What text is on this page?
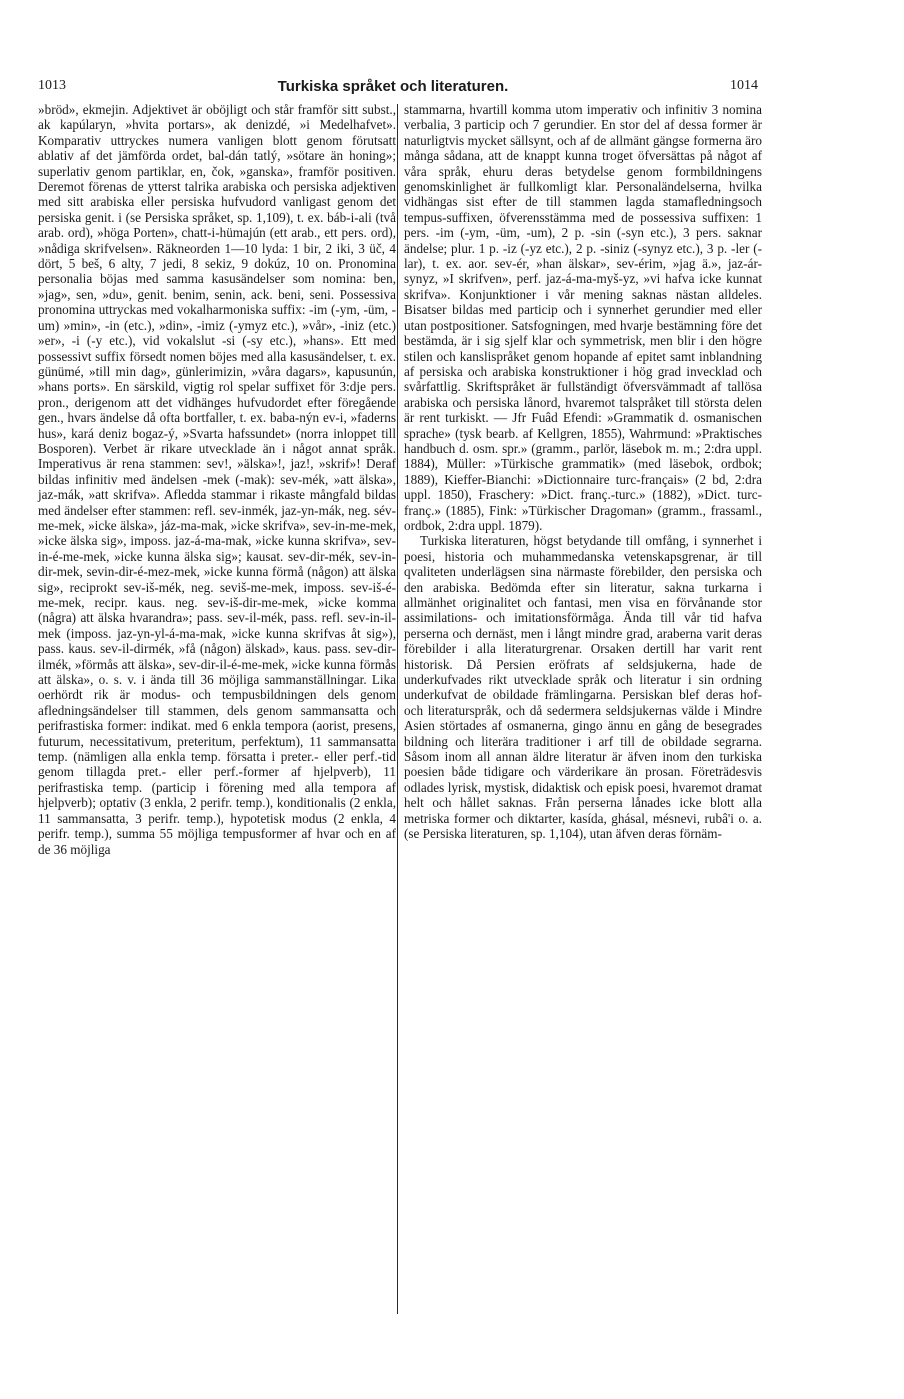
1013	Turkiska språket och literaturen.	1014

»bröd», ekmejin. Adjektivet är oböjligt och står framför sitt subst., ak kapúlaryn, »hvita portars», ak denizdé, »i Medelhafvet». Komparativ uttryckes numera vanligen blott genom förutsatt ablativ af det jämförda ordet, bal-dán tatlý, »sötare än honing»; superlativ genom partiklar, en, čok, »ganska», framför positiven. Deremot förenas de ytterst talrika arabiska och persiska adjektiven med sitt arabiska eller persiska hufvudord vanligast genom det persiska genit. i (se Persiska språket, sp. 1,109), t. ex. báb-i-ali (två arab. ord), »höga Porten», chatt-i-hümajún (ett arab., ett pers. ord), »nådiga skrifvelsen». Räkneorden 1—10 lyda: 1 bir, 2 iki, 3 üč, 4 dört, 5 beš, 6 alty, 7 jedi, 8 sekiz, 9 dokúz, 10 on. Pronomina personalia böjas med samma kasusändelser som nomina: ben, »jag», sen, »du», genit. benim, senin, ack. beni, seni. Possessiva pronomina uttryckas med vokalharmoniska suffix: -im (-ym, -üm, -um) »min», -in (etc.), »din», -imiz (-ymyz etc.), »vår», -iniz (etc.) »er», -i (-y etc.), vid vokalslut -si (-sy etc.), »hans». Ett med possessivt suffix försedt nomen böjes med alla kasusändelser, t. ex. günümé, »till min dag», günlerimizin, »våra dagars», kapusunún, »hans ports». En särskild, vigtig rol spelar suffixet för 3:dje pers. pron., derigenom att det vidhänges hufvudordet efter föregående gen., hvars ändelse då ofta bortfaller, t. ex. baba-nýn ev-i, »faderns hus», kará deniz bogaz-ý, »Svarta hafssundet» (norra inloppet till Bosporen). Verbet är rikare utvecklade än i något annat språk. Imperativus är rena stammen: sev!, »älska»!, jaz!, »skrif»! Deraf bildas infinitiv med ändelsen -mek (-mak): sev-mék, »att älska», jaz-mák, »att skrifva». Afledda stammar i rikaste mångfald bildas med ändelser efter stammen: refl. sev-inmék, jaz-yn-mák, neg. sév-me-mek, »icke älska», jáz-ma-mak, »icke skrifva», sev-in-me-mek, »icke älska sig», imposs. jaz-á-ma-mak, »icke kunna skrifva», sev-in-é-me-mek, »icke kunna älska sig»; kausat. sev-dir-mék, sev-in-dir-mek, sevin-dir-é-mez-mek, »icke kunna förmå (någon) att älska sig», reciprokt sev-iš-mék, neg. seviš-me-mek, imposs. sev-iš-é-me-mek, recipr. kaus. neg. sev-iš-dir-me-mek, »icke komma (några) att älska hvarandra»; pass. sev-il-mék, pass. refl. sev-in-il-mek (imposs. jaz-yn-yl-á-ma-mak, »icke kunna skrifvas åt sig»), pass. kaus. sev-il-dirmék, »få (någon) älskad», kaus. pass. sev-dir-ilmék, »förmås att älska», sev-dir-il-é-me-mek, »icke kunna förmås att älska», o. s. v. i ända till 36 möjliga sammanställningar. Lika oerhördt rik är modus- och tempusbildningen dels genom afledningsändelser till stammen, dels genom sammansatta och perifrastiska former: indikat. med 6 enkla tempora (aorist, presens, futurum, necessitativum, preteritum, perfektum), 11 sammansatta temp. (nämligen alla enkla temp. försatta i preter.- eller perf.-tid genom tillagda pret.- eller perf.-former af hjelpverb), 11 perifrastiska temp. (particip i förening med alla tempora af hjelpverb); optativ (3 enkla, 2 perifr. temp.), konditionalis (2 enkla, 11 sammansatta, 3 perifr. temp.), hypotetisk modus (2 enkla, 4 perifr. temp.), summa 55 möjliga tempusformer af hvar och en af de 36 möjliga

stammarna, hvartill komma utom imperativ och infinitiv 3 nomina verbalia, 3 particip och 7 gerundier. En stor del af dessa former är naturligtvis mycket sällsynt, och af de allmänt gängse formerna äro många sådana, att de knappt kunna troget öfversättas på något af våra språk, ehuru deras betydelse genom formbildningens genomskinlighet är fullkomligt klar. Personaländelserna, hvilka vidhängas sist efter de till stammen lagda stamafledningsoch tempus-suffixen, öfverensstämma med de possessiva suffixen: 1 pers. -im (-ym, -üm, -um), 2 p. -sin (-syn etc.), 3 pers. saknar ändelse; plur. 1 p. -iz (-yz etc.), 2 p. -siniz (-synyz etc.), 3 p. -ler (-lar), t. ex. aor. sev-ér, »han älskar», sev-érim, »jag ä.», jaz-ár-synyz, »I skrifven», perf. jaz-á-ma-myš-yz, »vi hafva icke kunnat skrifva». Konjunktioner i vår mening saknas nästan alldeles. Bisatser bildas med particip och i synnerhet gerundier med eller utan postpositioner. Satsfogningen, med hvarje bestämning före det bestämda, är i sig sjelf klar och symmetrisk, men blir i den högre stilen och kanslispråket genom hopande af epitet samt inblandning af persiska och arabiska konstruktioner i hög grad invecklad och svårfattlig. Skriftspråket är fullständigt öfversvämmadt af tallösa arabiska och persiska lånord, hvaremot talspråket till största delen är rent turkiskt. — Jfr Fuâd Efendi: »Grammatik d. osmanischen sprache» (tysk bearb. af Kellgren, 1855), Wahrmund: »Praktisches handbuch d. osm. spr.» (gramm., parlör, läsebok m. m.; 2:dra uppl. 1884), Müller: »Türkische grammatik» (med läsebok, ordbok; 1889), Kieffer-Bianchi: »Dictionnaire turc-français» (2 bd, 2:dra uppl. 1850), Fraschery: »Dict. franç.-turc.» (1882), »Dict. turc-franç.» (1885), Fink: »Türkischer Dragoman» (gramm., frassaml., ordbok, 2:dra uppl. 1879).

Turkiska literaturen, högst betydande till omfång, i synnerhet i poesi, historia och muhammedanska vetenskapsgrenar, är till qvaliteten underlägsen sina närmaste förebilder, den persiska och den arabiska. Bedömda efter sin literatur, sakna turkarna i allmänhet originalitet och fantasi, men visa en förvånande stor assimilations- och imitationsförmåga. Ända till vår tid hafva perserna och dernäst, men i långt mindre grad, araberna varit deras förebilder i alla literaturgrenar. Orsaken dertill har varit rent historisk. Då Persien eröfrats af seldsjukerna, hade de underkufvades rikt utvecklade språk och literatur i sin ordning underkufvat de obildade främlingarna. Persiskan blef deras hof- och literaturspråk, och då sedermera seldsjukernas välde i Mindre Asien störtades af osmanerna, gingo ännu en gång de besegrades bildning och literära traditioner i arf till de obildade segrarna. Såsom inom all annan äldre literatur är äfven inom den turkiska poesien både tidigare och värderikare än prosan. Företrädesvis odlades lyrisk, mystisk, didaktisk och episk poesi, hvaremot dramat helt och hållet saknas. Från perserna lånades icke blott alla metriska former och diktarter, kasída, ghásal, mésnevi, rubâ'i o. a. (se Persiska literaturen, sp. 1,104), utan äfven deras förnäm-
